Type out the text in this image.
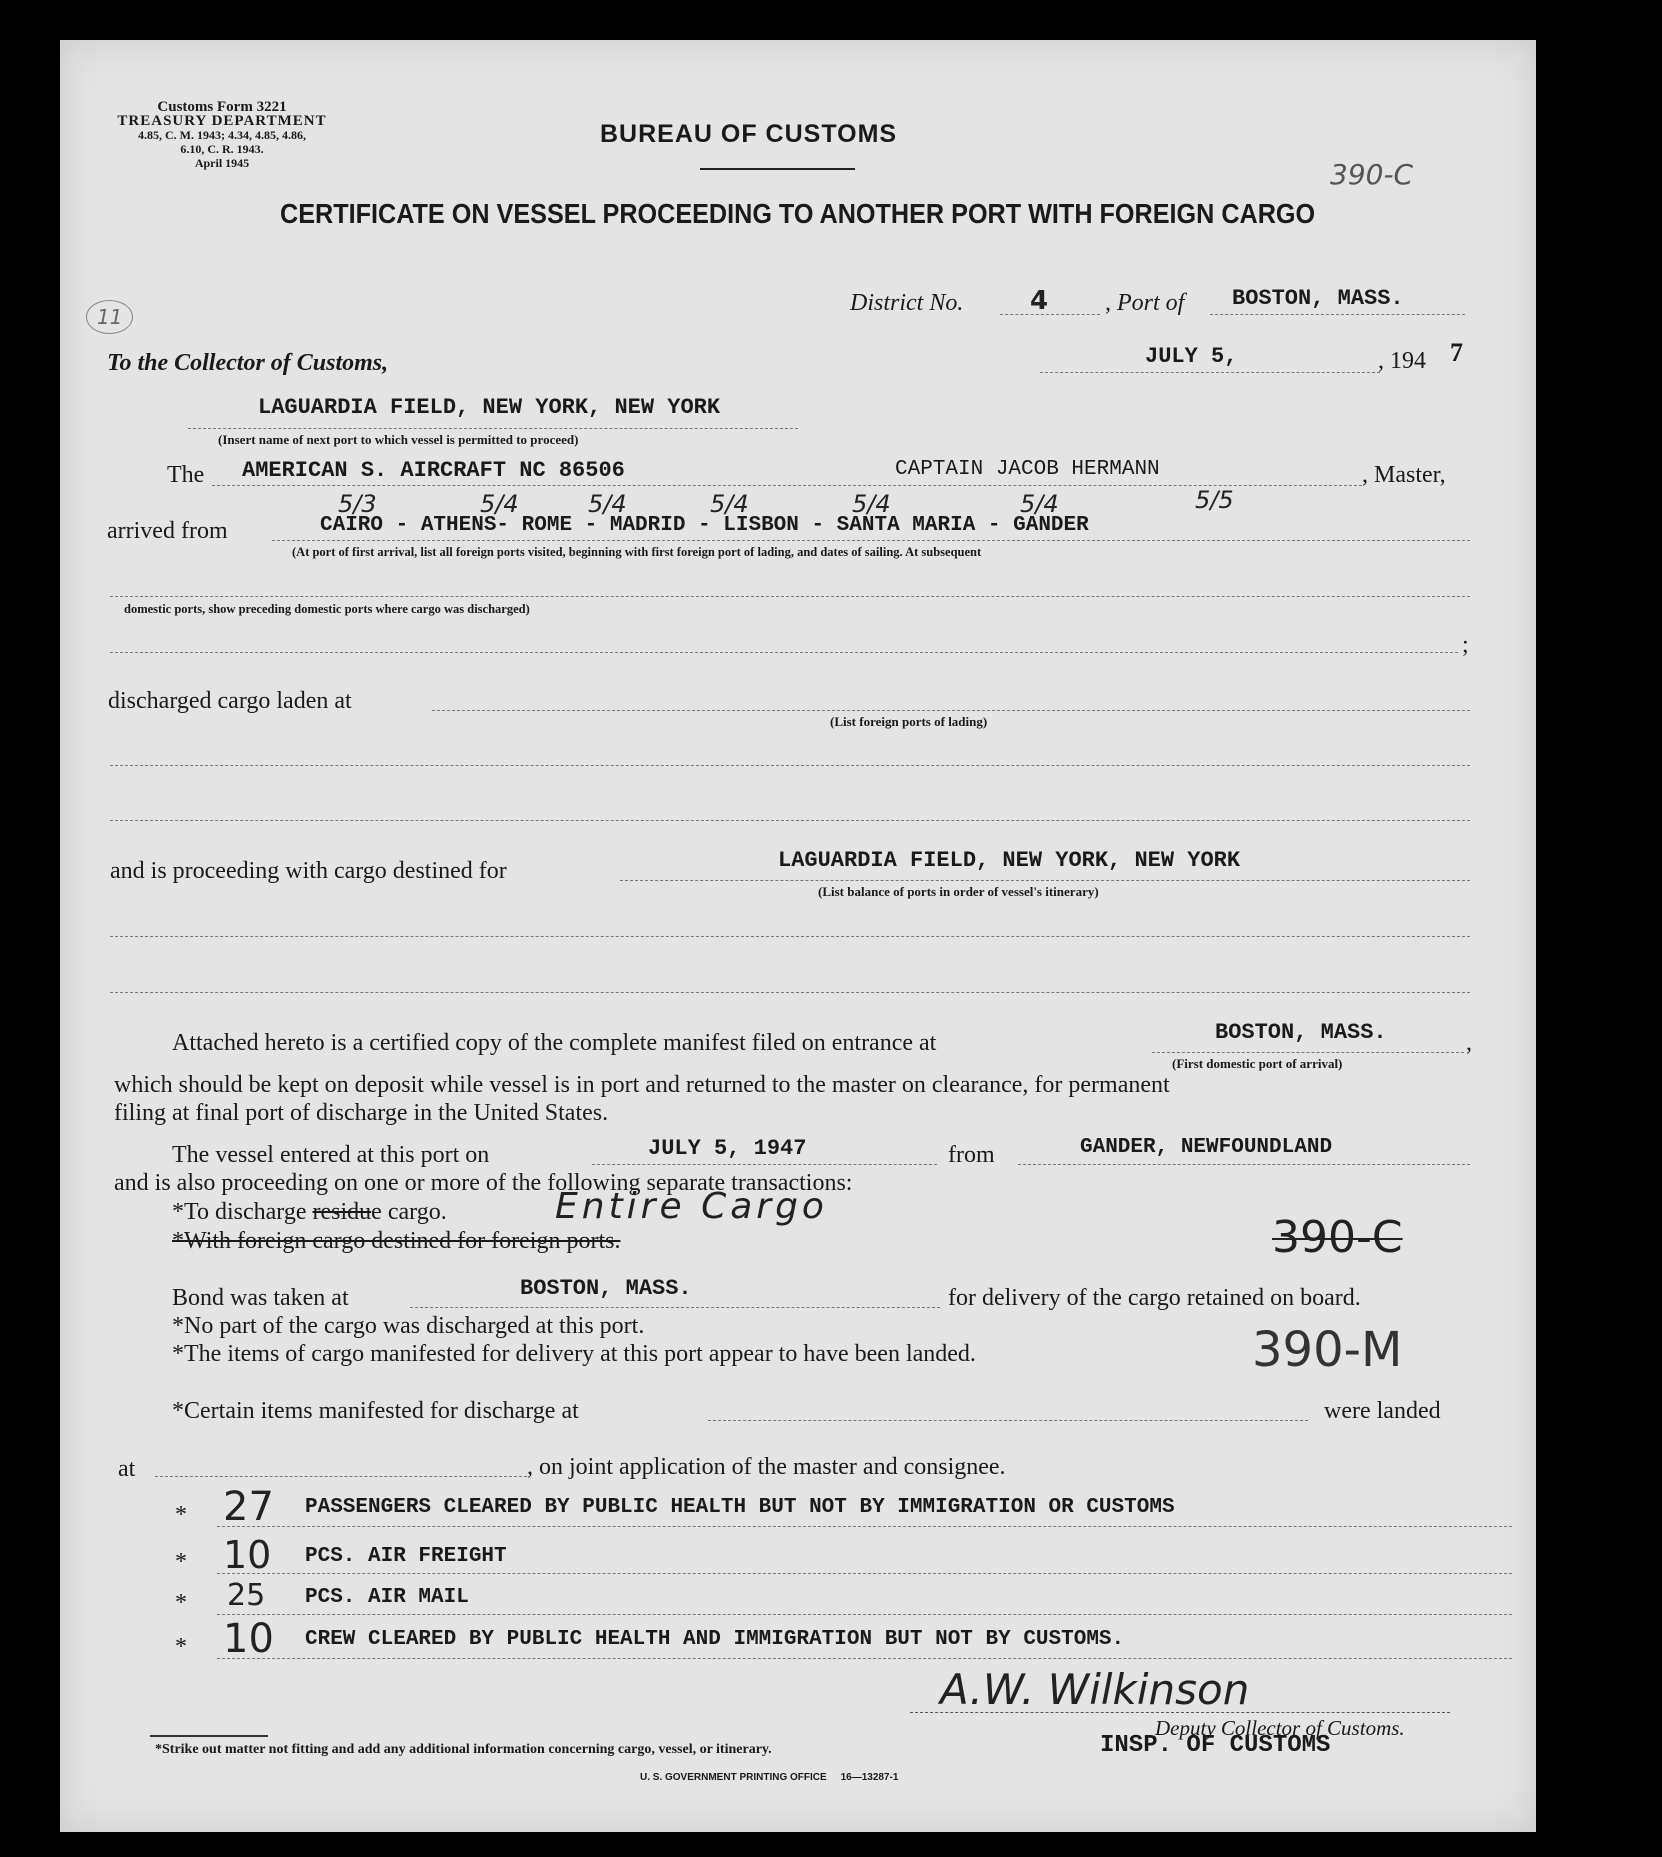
Customs Form 3221
TREASURY DEPARTMENT
4.85, C. M. 1943; 4.34, 4.85, 4.86,
6.10, C. R. 1943.
April 1945
BUREAU OF CUSTOMS
390-C
11
CERTIFICATE ON VESSEL PROCEEDING TO ANOTHER PORT WITH FOREIGN CARGO
District No.	4 , Port of BOSTON, MASS.
To the Collector of Customs,	JULY 5,	, 194 7
LAGUARDIA FIELD, NEW YORK, NEW YORK
(Insert name of next port to which vessel is permitted to proceed)
The AMERICAN S. AIRCRAFT NC 86506	CAPTAIN JACOB HERMANN	, Master,
5/3	5/4	5/4	5/4	5/4	5/4	5/5
arrived from	CAIRO - ATHENS- ROME - MADRID - LISBON - SANTA MARIA - GANDER
(At port of first arrival, list all foreign ports visited, beginning with first foreign port of lading, and dates of sailing. At subsequent
domestic ports, show preceding domestic ports where cargo was discharged)
;
discharged cargo laden at
(List foreign ports of lading)
and is proceeding with cargo destined for	LAGUARDIA FIELD, NEW YORK, NEW YORK
(List balance of ports in order of vessel's itinerary)
Attached hereto is a certified copy of the complete manifest filed on entrance at	BOSTON, MASS.	,
(First domestic port of arrival)
which should be kept on deposit while vessel is in port and returned to the master on clearance, for permanent
filing at final port of discharge in the United States.
The vessel entered at this port on	JULY 5, 1947	from	GANDER, NEWFOUNDLAND
and is also proceeding on one or more of the following separate transactions:
*To discharge residue cargo.	Entire Cargo
*With foreign cargo destined for foreign ports.	390-C
Bond was taken at	BOSTON, MASS.	for delivery of the cargo retained on board.
*No part of the cargo was discharged at this port.
*The items of cargo manifested for delivery at this port appear to have been landed.	390-M
*Certain items manifested for discharge at	were landed
at	, on joint application of the master and consignee.
* 27 PASSENGERS CLEARED BY PUBLIC HEALTH BUT NOT BY IMMIGRATION OR CUSTOMS
* 10 PCS. AIR FREIGHT
* 25 PCS. AIR MAIL
* 10 CREW CLEARED BY PUBLIC HEALTH AND IMMIGRATION BUT NOT BY CUSTOMS.
A.W. Wilkinson
Deputy Collector of Customs.
INSP. OF CUSTOMS
*Strike out matter not fitting and add any additional information concerning cargo, vessel, or itinerary.
U. S. GOVERNMENT PRINTING OFFICE     16—13287-1
